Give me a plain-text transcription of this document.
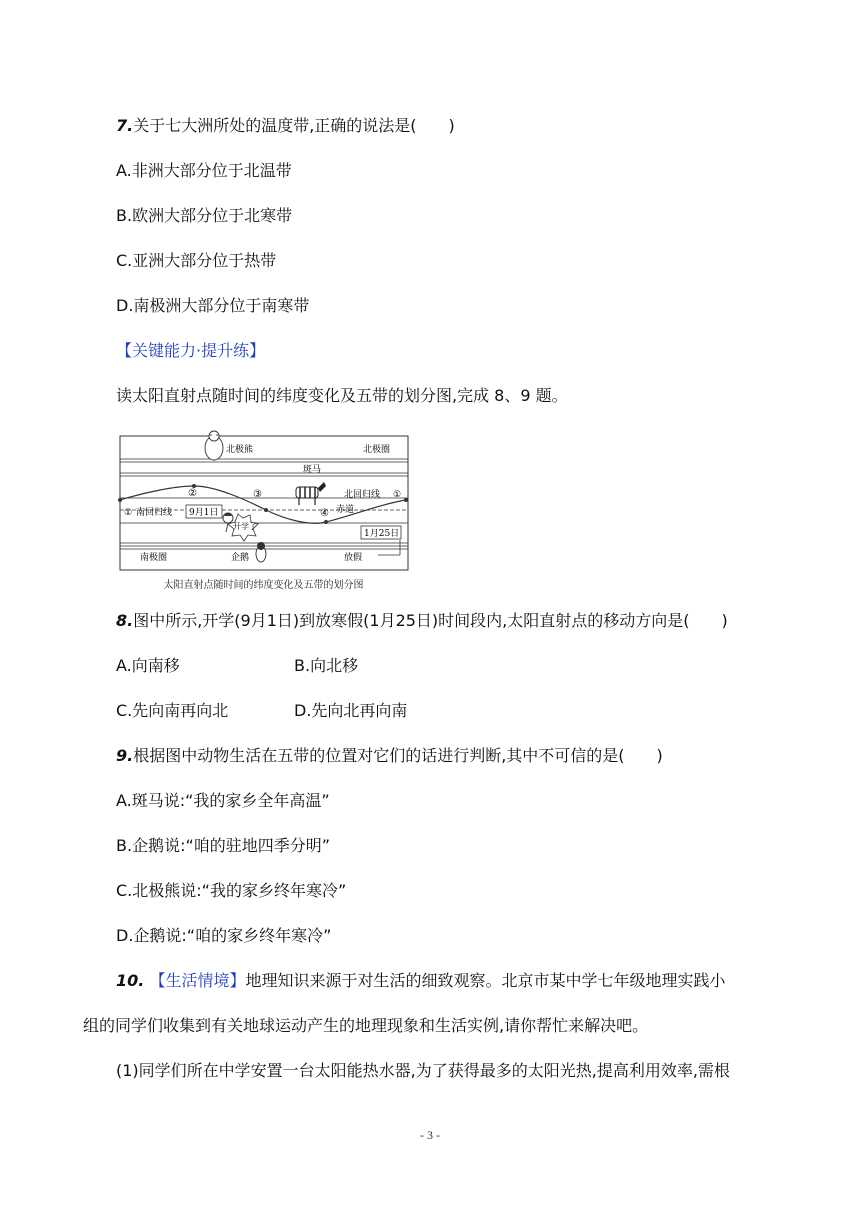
7.关于七大洲所处的温度带,正确的说法是(　　)
A.非洲大部分位于北温带
B.欧洲大部分位于北寒带
C.亚洲大部分位于热带
D.南极洲大部分位于南寒带
【关键能力·提升练】
读太阳直射点随时间的纬度变化及五带的划分图,完成 8、9 题。
北极熊	北极圈
斑马
北回归线 ①
②	③
④ 赤道
① 南回归线 9月1日
开学了
1月25日
南极圈	企鹅	放假
太阳直射点随时间的纬度变化及五带的划分图
8.图中所示,开学(9月1日)到放寒假(1月25日)时间段内,太阳直射点的移动方向是(　　)
A.向南移	B.向北移
C.先向南再向北	D.先向北再向南
9.根据图中动物生活在五带的位置对它们的话进行判断,其中不可信的是(　　)
A.斑马说:“我的家乡全年高温”
B.企鹅说:“咱的驻地四季分明”
C.北极熊说:“我的家乡终年寒冷”
D.企鹅说:“咱的家乡终年寒冷”
10. 【生活情境】地理知识来源于对生活的细致观察。北京市某中学七年级地理实践小
组的同学们收集到有关地球运动产生的地理现象和生活实例,请你帮忙来解决吧。
(1)同学们所在中学安置一台太阳能热水器,为了获得最多的太阳光热,提高利用效率,需根
- 3 -
